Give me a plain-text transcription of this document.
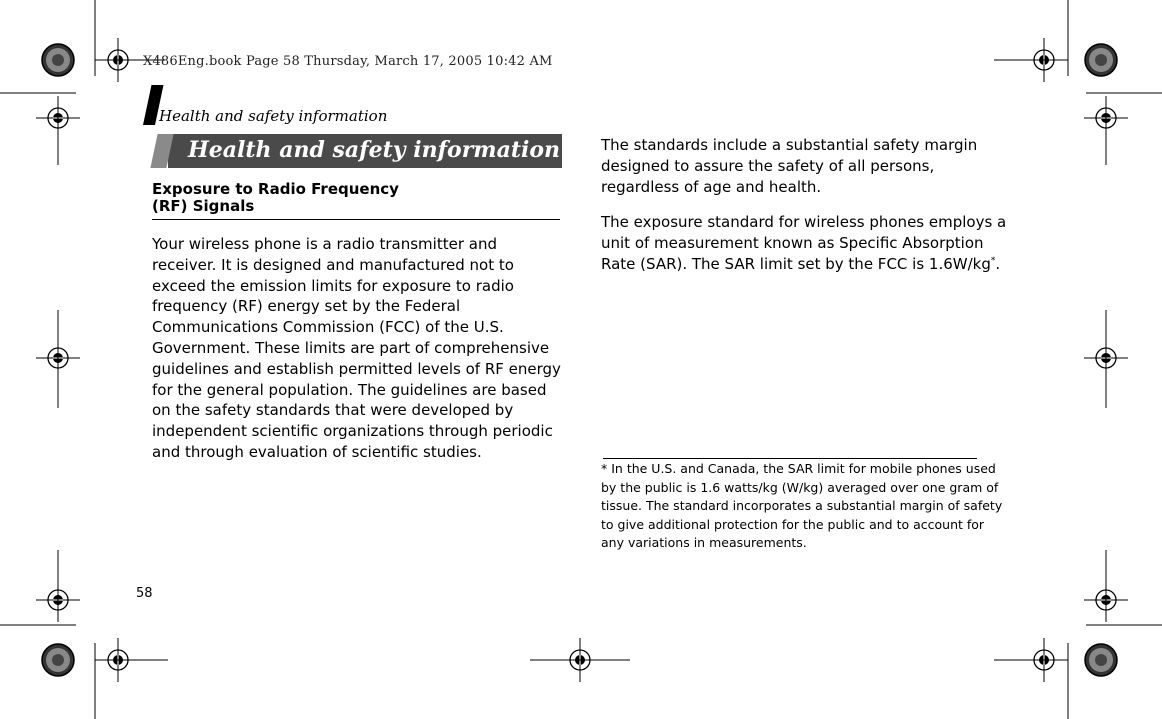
X486Eng.book Page 58 Thursday, March 17, 2005 10:42 AM
Health and safety information
Health and safety information
Exposure to Radio Frequency
(RF) Signals
Your wireless phone is a radio transmitter and receiver. It is designed and manufactured not to exceed the emission limits for exposure to radio frequency (RF) energy set by the Federal Communications Commission (FCC) of the U.S. Government. These limits are part of comprehensive guidelines and establish permitted levels of RF energy for the general population. The guidelines are based on the safety standards that were developed by independent scientific organizations through periodic and through evaluation of scientific studies.
The standards include a substantial safety margin designed to assure the safety of all persons, regardless of age and health.
The exposure standard for wireless phones employs a unit of measurement known as Specific Absorption Rate (SAR). The SAR limit set by the FCC is 1.6W/kg*.
* In the U.S. and Canada, the SAR limit for mobile phones used by the public is 1.6 watts/kg (W/kg) averaged over one gram of tissue. The standard incorporates a substantial margin of safety to give additional protection for the public and to account for any variations in measurements.
58
